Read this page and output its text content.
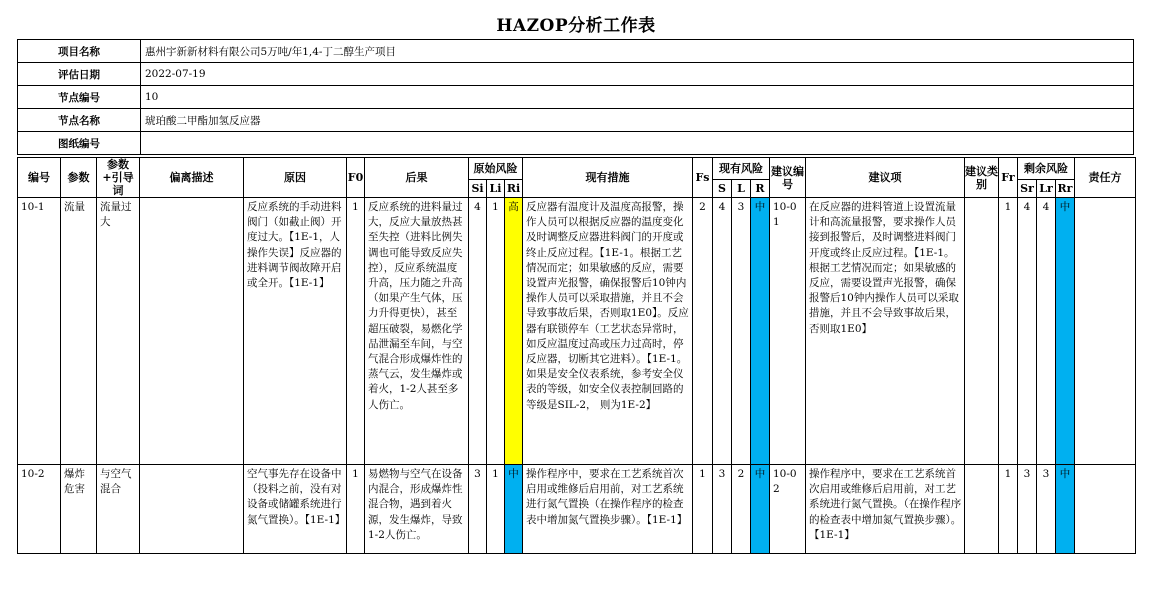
HAZOP分析工作表
项目名称	惠州宇新新材料有限公司5万吨/年1,4-丁二醇生产项目
评估日期	2022-07-19
节点编号	10
节点名称	琥珀酸二甲酯加氢反应器
图纸编号	
编号	参数	参数+引导词	偏离描述	原因	F0	后果	原始风险			现有措施	Fs	现有风险			建议编号	建议项	建议类别	Fr	剩余风险			责任方
							Si	Li	Ri			S	L	R					Sr	Lr	Rr	
10-1	流量	流量过大		反应系统的手动进料阀门（如截止阀）开度过大。【1E-1，人操作失误】反应器的进料调节阀故障开启或全开。【1E-1】	1	反应系统的进料量过大，反应大量放热甚至失控（进料比例失调也可能导致反应失控），反应系统温度升高，压力随之升高（如果产生气体，压力升得更快），甚至超压破裂，易燃化学品泄漏至车间，与空气混合形成爆炸性的蒸气云，发生爆炸或着火，1-2人甚至多人伤亡。	4	1	高	反应器有温度计及温度高报警，操作人员可以根据反应器的温度变化及时调整反应器进料阀门的开度或终止反应过程。【1E-1。根据工艺情况而定；如果敏感的反应，需要设置声光报警，确保报警后10钟内操作人员可以采取措施，并且不会导致事故后果，否则取1E0】。反应器有联锁停车（工艺状态异常时，如反应温度过高或压力过高时，停反应器，切断其它进料）。【1E-1。如果是安全仪表系统，参考安全仪表的等级，如安全仪表控制回路的等级是SIL-2， 则为1E-2】	2	4	3	中	10-01	在反应器的进料管道上设置流量计和高流量报警，要求操作人员接到报警后，及时调整进料阀门开度或终止反应过程。【1E-1。根据工艺情况而定；如果敏感的反应，需要设置声光报警，确保报警后10钟内操作人员可以采取措施，并且不会导致事故后果，否则取1E0】		1	4	4	中	
10-2	爆炸危害	与空气混合		空气事先存在设备中（投料之前，没有对设备或储罐系统进行氮气置换）。【1E-1】	1	易燃物与空气在设备内混合，形成爆炸性混合物，遇到着火源，发生爆炸，导致1-2人伤亡。	3	1	中	操作程序中，要求在工艺系统首次启用或维修后启用前，对工艺系统进行氮气置换（在操作程序的检查表中增加氮气置换步骤）。【1E-1】	1	3	2	中	10-02	操作程序中，要求在工艺系统首次启用或维修后启用前，对工艺系统进行氮气置换。（在操作程序的检查表中增加氮气置换步骤）。【1E-1】		1	3	3	中	
